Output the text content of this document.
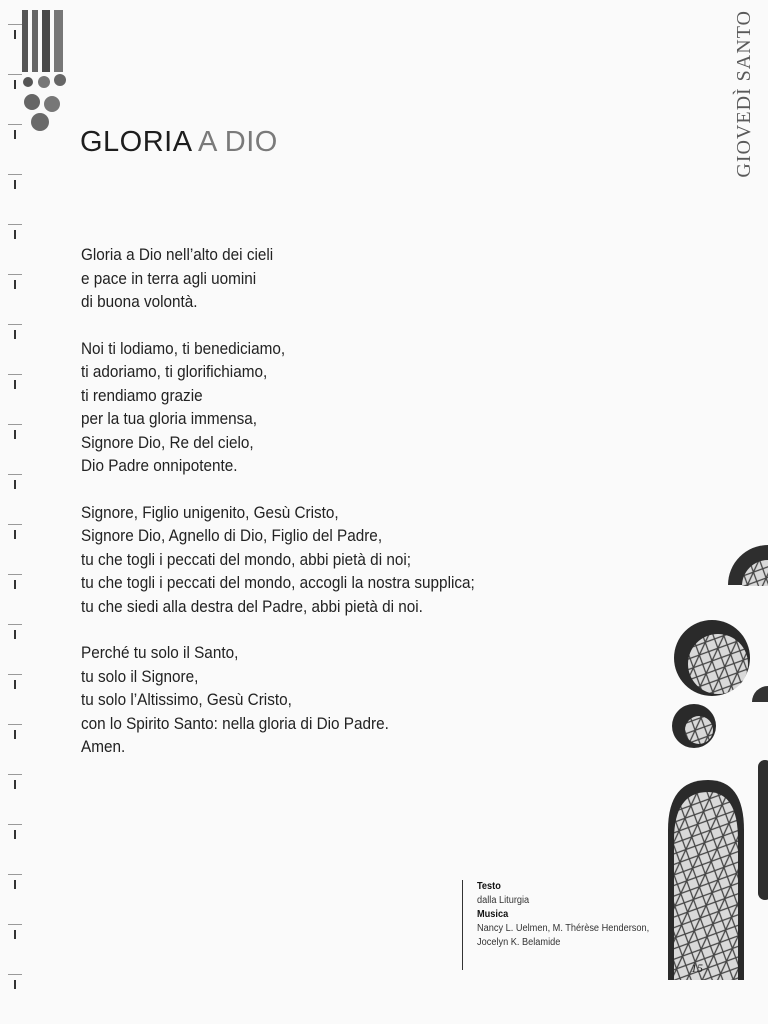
GIOVEDÌ SANTO
GLORIA A DIO
Gloria a Dio nell’alto dei cieli
e pace in terra agli uomini
di buona volontà.
Noi ti lodiamo, ti benediciamo,
ti adoriamo, ti glorifichiamo,
ti rendiamo grazie
per la tua gloria immensa,
Signore Dio, Re del cielo,
Dio Padre onnipotente.
Signore, Figlio unigenito, Gesù Cristo,
Signore Dio, Agnello di Dio, Figlio del Padre,
tu che togli i peccati del mondo, abbi pietà di noi;
tu che togli i peccati del mondo, accogli la nostra supplica;
tu che siedi alla destra del Padre, abbi pietà di noi.
Perché tu solo il Santo,
tu solo il Signore,
tu solo l’Altissimo, Gesù Cristo,
con lo Spirito Santo: nella gloria di Dio Padre.
Amen.
Testo
dalla Liturgia
Musica
Nancy L. Uelmen, M. Thérèse Henderson,
Jocelyn K. Belamide
15
